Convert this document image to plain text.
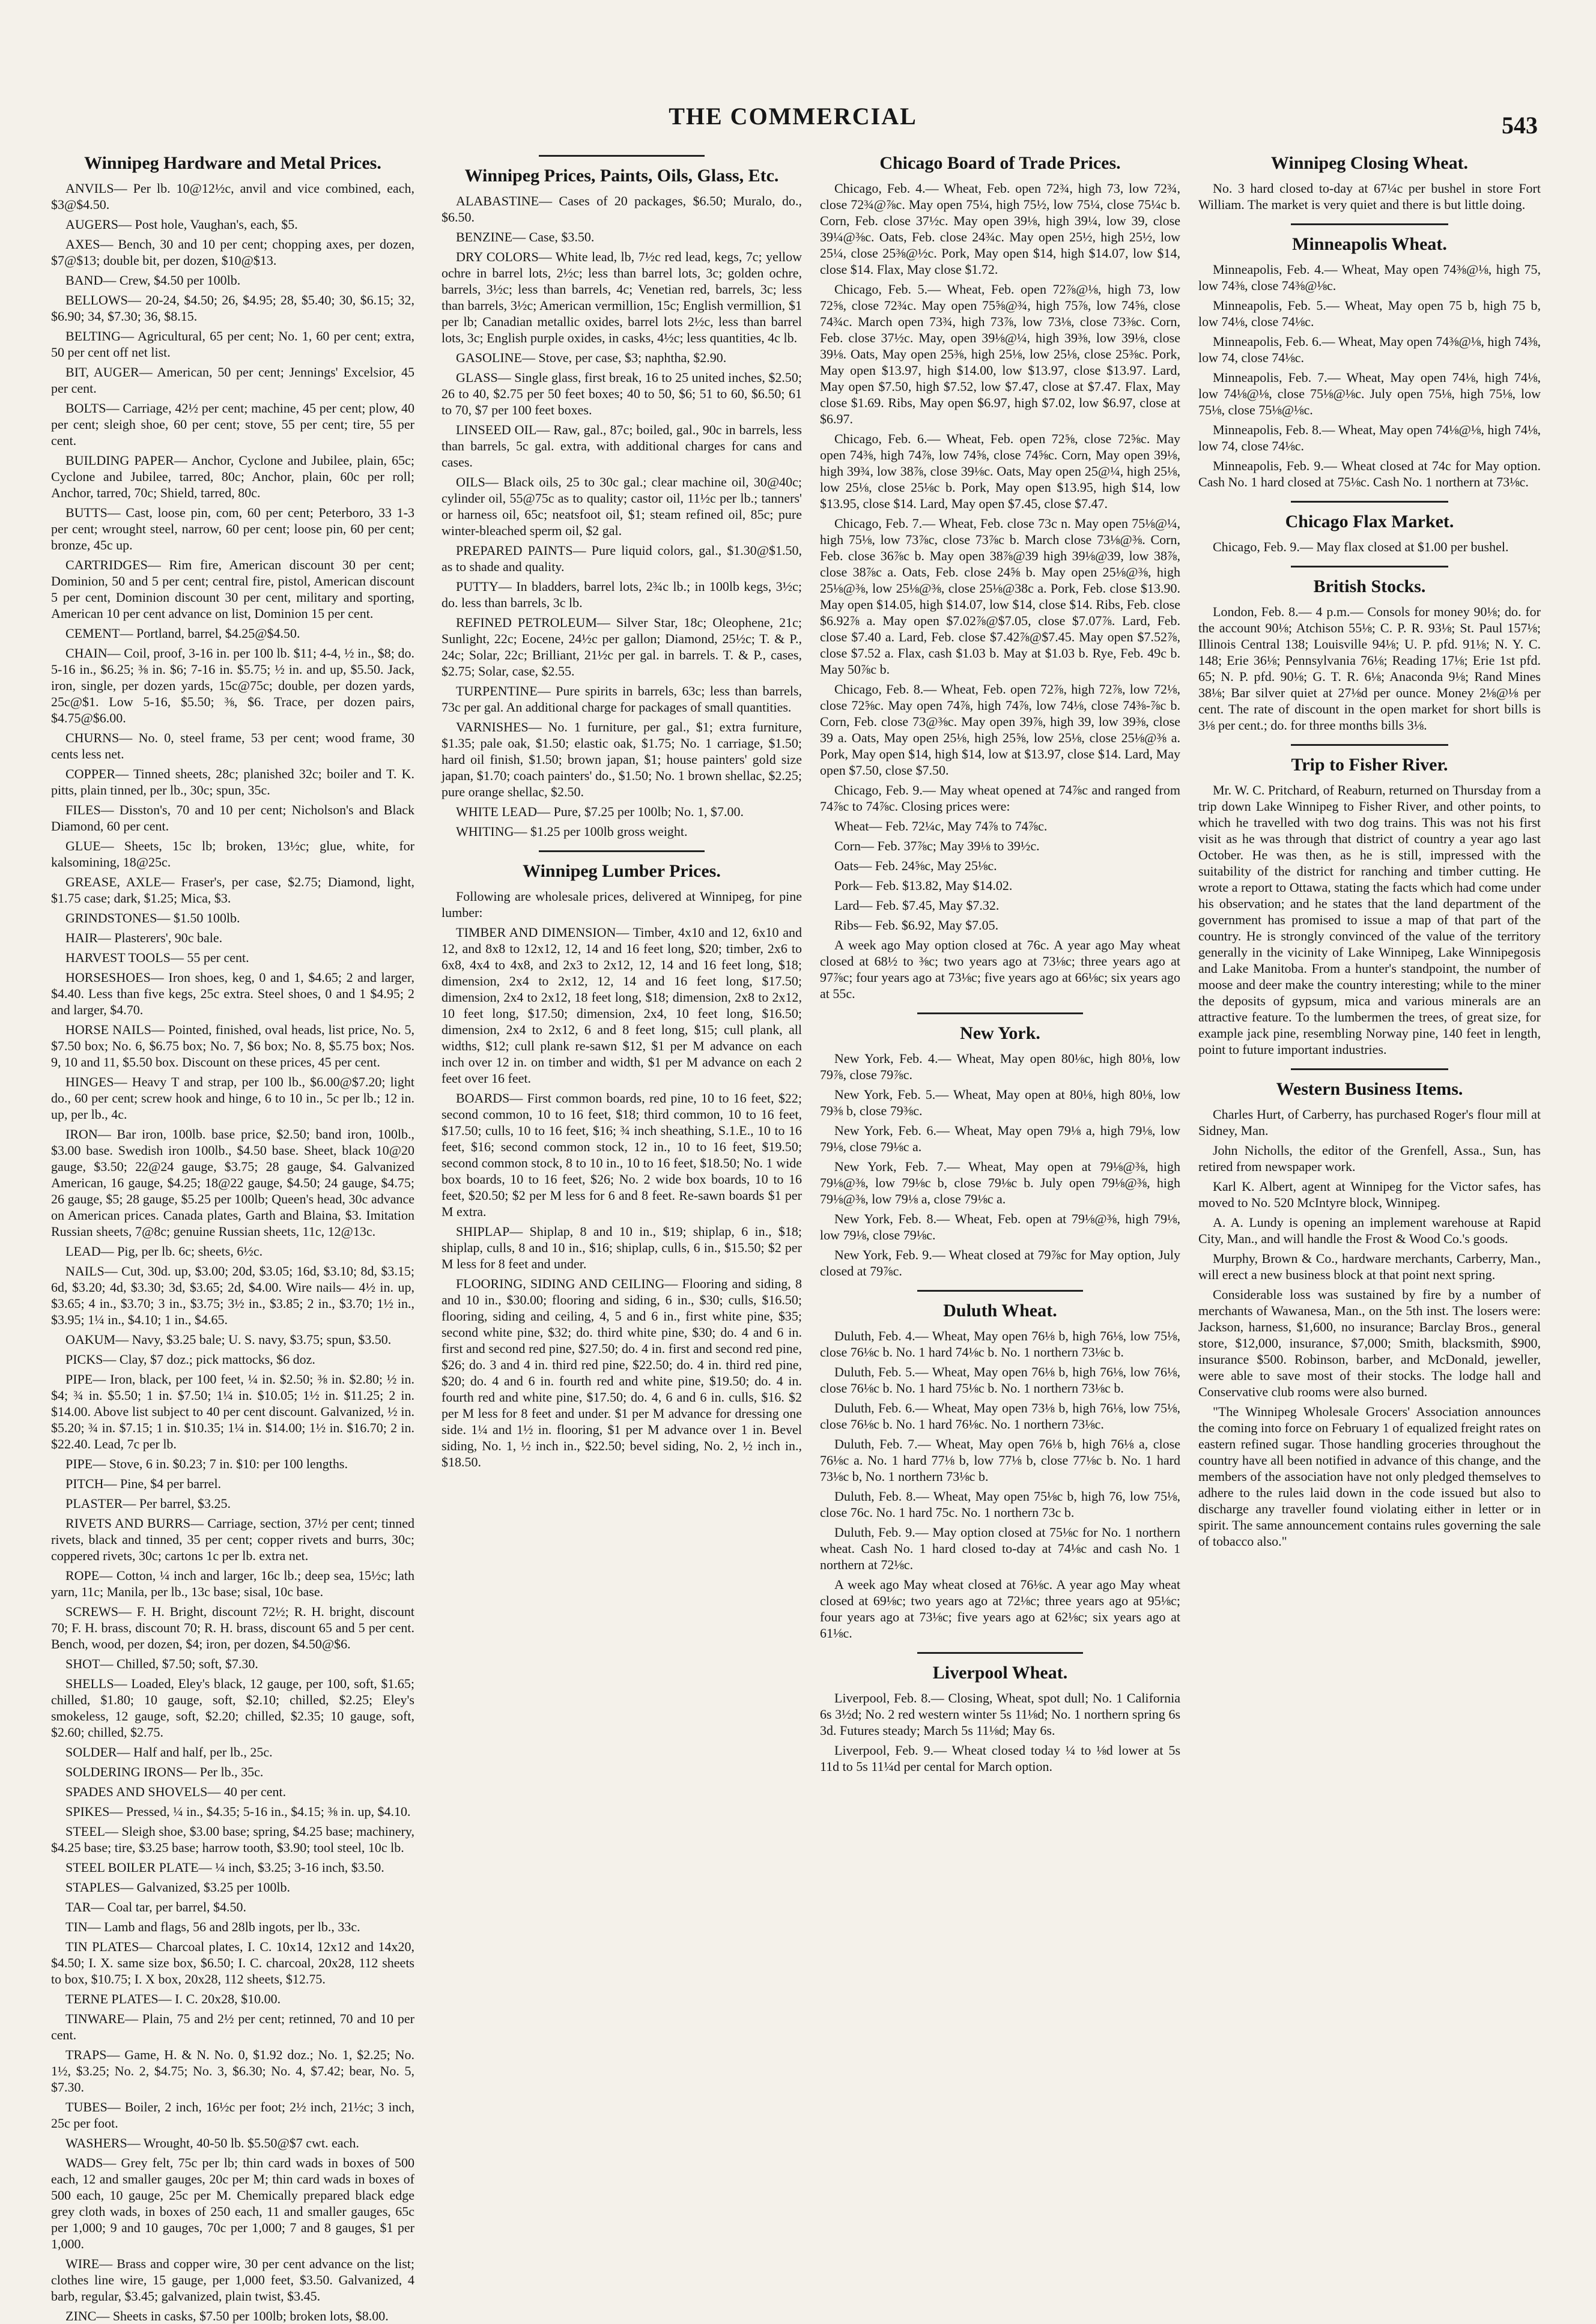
THE COMMERCIAL	543
Winnipeg Hardware and Metal Prices.

ANVILS— Per lb. 10@12½c, anvil and vice combined, each, $3@$4.50.

AUGERS— Post hole, Vaughan's, each, $5.

AXES— Bench, 30 and 10 per cent; chopping axes, per dozen, $7@$13; double bit, per dozen, $10@$13.

BAND— Crew, $4.50 per 100lb.

BELLOWS— 20-24, $4.50; 26, $4.95; 28, $5.40; 30, $6.15; 32, $6.90; 34, $7.30; 36, $8.15.

BELTING— Agricultural, 65 per cent; No. 1, 60 per cent; extra, 50 per cent off net list.

BIT, AUGER— American, 50 per cent; Jennings' Excelsior, 45 per cent.

BOLTS— Carriage, 42½ per cent; machine, 45 per cent; plow, 40 per cent; sleigh shoe, 60 per cent; stove, 55 per cent; tire, 55 per cent.

BUILDING PAPER— Anchor, Cyclone and Jubilee, plain, 65c; Cyclone and Jubilee, tarred, 80c; Anchor, plain, 60c per roll; Anchor, tarred, 70c; Shield, tarred, 80c.

BUTTS— Cast, loose pin, com, 60 per cent; Peterboro, 33 1-3 per cent; wrought steel, narrow, 60 per cent; loose pin, 60 per cent; bronze, 45c up.

CARTRIDGES— Rim fire, American discount 30 per cent; Dominion, 50 and 5 per cent; central fire, pistol, American discount 5 per cent, Dominion discount 30 per cent, military and sporting, American 10 per cent advance on list, Dominion 15 per cent.

CEMENT— Portland, barrel, $4.25@$4.50.

CHAIN— Coil, proof, 3-16 in. per 100 lb. $11; 4-4, ½ in., $8; do. 5-16 in., $6.25; ⅜ in. $6; 7-16 in. $5.75; ½ in. and up, $5.50. Jack, iron, single, per dozen yards, 15c@75c; double, per dozen yards, 25c@$1. Low 5-16, $5.50; ⅜, $6. Trace, per dozen pairs, $4.75@$6.00.

CHURNS— No. 0, steel frame, 53 per cent; wood frame, 30 cents less net.

COPPER— Tinned sheets, 28c; planished 32c; boiler and T. K. pitts, plain tinned, per lb., 30c; spun, 35c.

FILES— Disston's, 70 and 10 per cent; Nicholson's and Black Diamond, 60 per cent.

GLUE— Sheets, 15c lb; broken, 13½c; glue, white, for kalsomining, 18@25c.

GREASE, AXLE— Fraser's, per case, $2.75; Diamond, light, $1.75 case; dark, $1.25; Mica, $3.

GRINDSTONES— $1.50 100lb.

HAIR— Plasterers', 90c bale.

HARVEST TOOLS— 55 per cent.

HORSESHOES— Iron shoes, keg, 0 and 1, $4.65; 2 and larger, $4.40. Less than five kegs, 25c extra. Steel shoes, 0 and 1 $4.95; 2 and larger, $4.70.

HORSE NAILS— Pointed, finished, oval heads, list price, No. 5, $7.50 box; No. 6, $6.75 box; No. 7, $6 box; No. 8, $5.75 box; Nos. 9, 10 and 11, $5.50 box. Discount on these prices, 45 per cent.

HINGES— Heavy T and strap, per 100 lb., $6.00@$7.20; light do., 60 per cent; screw hook and hinge, 6 to 10 in., 5c per lb.; 12 in. up, per lb., 4c.

IRON— Bar iron, 100lb. base price, $2.50; band iron, 100lb., $3.00 base. Swedish iron 100lb., $4.50 base. Sheet, black 10@20 gauge, $3.50; 22@24 gauge, $3.75; 28 gauge, $4. Galvanized American, 16 gauge, $4.25; 18@22 gauge, $4.50; 24 gauge, $4.75; 26 gauge, $5; 28 gauge, $5.25 per 100lb; Queen's head, 30c advance on American prices. Canada plates, Garth and Blaina, $3. Imitation Russian sheets, 7@8c; genuine Russian sheets, 11c, 12@13c.

LEAD— Pig, per lb. 6c; sheets, 6½c.

NAILS— Cut, 30d. up, $3.00; 20d, $3.05; 16d, $3.10; 8d, $3.15; 6d, $3.20; 4d, $3.30; 3d, $3.65; 2d, $4.00. Wire nails— 4½ in. up, $3.65; 4 in., $3.70; 3 in., $3.75; 3½ in., $3.85; 2 in., $3.70; 1½ in., $3.95; 1¼ in., $4.10; 1 in., $4.65.

OAKUM— Navy, $3.25 bale; U. S. navy, $3.75; spun, $3.50.

PICKS— Clay, $7 doz.; pick mattocks, $6 doz.

PIPE— Iron, black, per 100 feet, ¼ in. $2.50; ⅜ in. $2.80; ½ in. $4; ¾ in. $5.50; 1 in. $7.50; 1¼ in. $10.05; 1½ in. $11.25; 2 in. $14.00. Above list subject to 40 per cent discount. Galvanized, ½ in. $5.20; ¾ in. $7.15; 1 in. $10.35; 1¼ in. $14.00; 1½ in. $16.70; 2 in. $22.40. Lead, 7c per lb.

PIPE— Stove, 6 in. $0.23; 7 in. $10: per 100 lengths.

PITCH— Pine, $4 per barrel.

PLASTER— Per barrel, $3.25.

RIVETS AND BURRS— Carriage, section, 37½ per cent; tinned rivets, black and tinned, 35 per cent; copper rivets and burrs, 30c; coppered rivets, 30c; cartons 1c per lb. extra net.

ROPE— Cotton, ¼ inch and larger, 16c lb.; deep sea, 15½c; lath yarn, 11c; Manila, per lb., 13c base; sisal, 10c base.

SCREWS— F. H. Bright, discount 72½; R. H. bright, discount 70; F. H. brass, discount 70; R. H. brass, discount 65 and 5 per cent. Bench, wood, per dozen, $4; iron, per dozen, $4.50@$6.

SHOT— Chilled, $7.50; soft, $7.30.

SHELLS— Loaded, Eley's black, 12 gauge, per 100, soft, $1.65; chilled, $1.80; 10 gauge, soft, $2.10; chilled, $2.25; Eley's smokeless, 12 gauge, soft, $2.20; chilled, $2.35; 10 gauge, soft, $2.60; chilled, $2.75.

SOLDER— Half and half, per lb., 25c.

SOLDERING IRONS— Per lb., 35c.

SPADES AND SHOVELS— 40 per cent.

SPIKES— Pressed, ¼ in., $4.35; 5-16 in., $4.15; ⅜ in. up, $4.10.

STEEL— Sleigh shoe, $3.00 base; spring, $4.25 base; machinery, $4.25 base; tire, $3.25 base; harrow tooth, $3.90; tool steel, 10c lb.

STEEL BOILER PLATE— ¼ inch, $3.25; 3-16 inch, $3.50.

STAPLES— Galvanized, $3.25 per 100lb.

TAR— Coal tar, per barrel, $4.50.

TIN— Lamb and flags, 56 and 28lb ingots, per lb., 33c.

TIN PLATES— Charcoal plates, I. C. 10x14, 12x12 and 14x20, $4.50; I. X. same size box, $6.50; I. C. charcoal, 20x28, 112 sheets to box, $10.75; I. X box, 20x28, 112 sheets, $12.75.

TERNE PLATES— I. C. 20x28, $10.00.

TINWARE— Plain, 75 and 2½ per cent; retinned, 70 and 10 per cent.

TRAPS— Game, H. & N. No. 0, $1.92 doz.; No. 1, $2.25; No. 1½, $3.25; No. 2, $4.75; No. 3, $6.30; No. 4, $7.42; bear, No. 5, $7.30.

TUBES— Boiler, 2 inch, 16½c per foot; 2½ inch, 21½c; 3 inch, 25c per foot.

WASHERS— Wrought, 40-50 lb. $5.50@$7 cwt. each.

WADS— Grey felt, 75c per lb; thin card wads in boxes of 500 each, 12 and smaller gauges, 20c per M; thin card wads in boxes of 500 each, 10 gauge, 25c per M. Chemically prepared black edge grey cloth wads, in boxes of 250 each, 11 and smaller gauges, 65c per 1,000; 9 and 10 gauges, 70c per 1,000; 7 and 8 gauges, $1 per 1,000.

WIRE— Brass and copper wire, 30 per cent advance on the list; clothes line wire, 15 gauge, per 1,000 feet, $3.50. Galvanized, 4 barb, regular, $3.45; galvanized, plain twist, $3.45.

ZINC— Sheets in casks, $7.50 per 100lb; broken lots, $8.00.

Winnipeg Prices, Paints, Oils, Glass, Etc.

ALABASTINE— Cases of 20 packages, $6.50; Muralo, do., $6.50.

BENZINE— Case, $3.50.

DRY COLORS— White lead, lb, 7½c red lead, kegs, 7c; yellow ochre in barrel lots, 2½c; less than barrel lots, 3c; golden ochre, barrels, 3½c; less than barrels, 4c; Venetian red, barrels, 3c; less than barrels, 3½c; American vermillion, 15c; English vermillion, $1 per lb; Canadian metallic oxides, barrel lots 2½c, less than barrel lots, 3c; English purple oxides, in casks, 4½c; less quantities, 4c lb.

GASOLINE— Stove, per case, $3; naphtha, $2.90.

GLASS— Single glass, first break, 16 to 25 united inches, $2.50; 26 to 40, $2.75 per 50 feet boxes; 40 to 50, $6; 51 to 60, $6.50; 61 to 70, $7 per 100 feet boxes.

LINSEED OIL— Raw, gal., 87c; boiled, gal., 90c in barrels, less than barrels, 5c gal. extra, with additional charges for cans and cases.

OILS— Black oils, 25 to 30c gal.; clear machine oil, 30@40c; cylinder oil, 55@75c as to quality; castor oil, 11½c per lb.; tanners' or harness oil, 65c; neatsfoot oil, $1; steam refined oil, 85c; pure winter-bleached sperm oil, $2 gal.

PREPARED PAINTS— Pure liquid colors, gal., $1.30@$1.50, as to shade and quality.

PUTTY— In bladders, barrel lots, 2¾c lb.; in 100lb kegs, 3½c; do. less than barrels, 3c lb.

REFINED PETROLEUM— Silver Star, 18c; Oleophene, 21c; Sunlight, 22c; Eocene, 24½c per gallon; Diamond, 25½c; T. & P., 24c; Solar, 22c; Brilliant, 21½c per gal. in barrels. T. & P., cases, $2.75; Solar, case, $2.55.

TURPENTINE— Pure spirits in barrels, 63c; less than barrels, 73c per gal. An additional charge for packages of small quantities.

VARNISHES— No. 1 furniture, per gal., $1; extra furniture, $1.35; pale oak, $1.50; elastic oak, $1.75; No. 1 carriage, $1.50; hard oil finish, $1.50; brown japan, $1; house painters' gold size japan, $1.70; coach painters' do., $1.50; No. 1 brown shellac, $2.25; pure orange shellac, $2.50.

WHITE LEAD— Pure, $7.25 per 100lb; No. 1, $7.00.

WHITING— $1.25 per 100lb gross weight.

Winnipeg Lumber Prices.

Following are wholesale prices, delivered at Winnipeg, for pine lumber:

TIMBER AND DIMENSION— Timber, 4x10 and 12, 6x10 and 12, and 8x8 to 12x12, 12, 14 and 16 feet long, $20; timber, 2x6 to 6x8, 4x4 to 4x8, and 2x3 to 2x12, 12, 14 and 16 feet long, $18; dimension, 2x4 to 2x12, 12, 14 and 16 feet long, $17.50; dimension, 2x4 to 2x12, 18 feet long, $18; dimension, 2x8 to 2x12, 10 feet long, $17.50; dimension, 2x4, 10 feet long, $16.50; dimension, 2x4 to 2x12, 6 and 8 feet long, $15; cull plank, all widths, $12; cull plank re-sawn $12, $1 per M advance on each inch over 12 in. on timber and width, $1 per M advance on each 2 feet over 16 feet.

BOARDS— First common boards, red pine, 10 to 16 feet, $22; second common, 10 to 16 feet, $18; third common, 10 to 16 feet, $17.50; culls, 10 to 16 feet, $16; ¾ inch sheathing, S.1.E., 10 to 16 feet, $16; second common stock, 12 in., 10 to 16 feet, $19.50; second common stock, 8 to 10 in., 10 to 16 feet, $18.50; No. 1 wide box boards, 10 to 16 feet, $26; No. 2 wide box boards, 10 to 16 feet, $20.50; $2 per M less for 6 and 8 feet. Re-sawn boards $1 per M extra.

SHIPLAP— Shiplap, 8 and 10 in., $19; shiplap, 6 in., $18; shiplap, culls, 8 and 10 in., $16; shiplap, culls, 6 in., $15.50; $2 per M less for 8 feet and under.

FLOORING, SIDING AND CEILING— Flooring and siding, 8 and 10 in., $30.00; flooring and siding, 6 in., $30; culls, $16.50; flooring, siding and ceiling, 4, 5 and 6 in., first white pine, $35; second white pine, $32; do. third white pine, $30; do. 4 and 6 in. first and second red pine, $27.50; do. 4 in. first and second red pine, $26; do. 3 and 4 in. third red pine, $22.50; do. 4 in. third red pine, $20; do. 4 and 6 in. fourth red and white pine, $19.50; do. 4 in. fourth red and white pine, $17.50; do. 4, 6 and 6 in. culls, $16. $2 per M less for 8 feet and under. $1 per M advance for dressing one side. 1¼ and 1½ in. flooring, $1 per M advance over 1 in. Bevel siding, No. 1, ½ inch in., $22.50; bevel siding, No. 2, ½ inch in., $18.50.

Chicago Board of Trade Prices.

Chicago, Feb. 4.— Wheat, Feb. open 72¾, high 73, low 72¾, close 72¾@⅞c. May open 75¼, high 75½, low 75¼, close 75¼c b. Corn, Feb. close 37½c. May open 39⅛, high 39¼, low 39, close 39¼@⅜c. Oats, Feb. close 24¾c. May open 25½, high 25½, low 25¼, close 25⅜@½c. Pork, May open $14, high $14.07, low $14, close $14. Flax, May close $1.72.

Chicago, Feb. 5.— Wheat, Feb. open 72⅞@⅛, high 73, low 72⅝, close 72¾c. May open 75⅝@¾, high 75⅞, low 74⅝, close 74¾c. March open 73¾, high 73⅞, low 73⅛, close 73⅜c. Corn, Feb. close 37½c. May, open 39⅛@¼, high 39⅜, low 39⅛, close 39⅛. Oats, May open 25⅜, high 25⅛, low 25⅛, close 25⅜c. Pork, May open $13.97, high $14.00, low $13.97, close $13.97. Lard, May open $7.50, high $7.52, low $7.47, close at $7.47. Flax, May close $1.69. Ribs, May open $6.97, high $7.02, low $6.97, close at $6.97.

Chicago, Feb. 6.— Wheat, Feb. open 72⅝, close 72⅝c. May open 74⅜, high 74⅞, low 74⅝, close 74⅝c. Corn, May open 39⅛, high 39¾, low 38⅞, close 39⅛c. Oats, May open 25@¼, high 25⅛, low 25⅛, close 25⅛c b. Pork, May open $13.95, high $14, low $13.95, close $14. Lard, May open $7.45, close $7.47.

Chicago, Feb. 7.— Wheat, Feb. close 73c n. May open 75⅛@¼, high 75⅛, low 73⅞c, close 73⅞c b. March close 73⅛@⅜. Corn, Feb. close 36⅞c b. May open 38⅞@39 high 39⅛@39, low 38⅞, close 38⅞c a. Oats, Feb. close 24⅝ b. May open 25⅛@⅜, high 25⅛@⅜, low 25⅛@⅜, close 25⅛@38c a. Pork, Feb. close $13.90. May open $14.05, high $14.07, low $14, close $14. Ribs, Feb. close $6.92⅞ a. May open $7.02⅞@$7.05, close $7.07⅞. Lard, Feb. close $7.40 a. Lard, Feb. close $7.42⅞@$7.45. May open $7.52⅞, close $7.52 a. Flax, cash $1.03 b. May at $1.03 b. Rye, Feb. 49c b. May 50⅞c b.

Chicago, Feb. 8.— Wheat, Feb. open 72⅞, high 72⅞, low 72⅛, close 72⅝c. May open 74⅞, high 74⅞, low 74⅛, close 74⅜-⅞c b. Corn, Feb. close 73@⅜c. May open 39⅞, high 39, low 39⅜, close 39 a. Oats, May open 25⅛, high 25⅝, low 25⅛, close 25⅛@⅜ a. Pork, May open $14, high $14, low at $13.97, close $14. Lard, May open $7.50, close $7.50.

Chicago, Feb. 9.— May wheat opened at 74⅞c and ranged from 74⅞c to 74⅞c. Closing prices were:

Wheat— Feb. 72¼c, May 74⅞ to 74⅞c.

Corn— Feb. 37⅞c; May 39⅛ to 39½c.

Oats— Feb. 24⅝c, May 25⅛c.

Pork— Feb. $13.82, May $14.02.

Lard— Feb. $7.45, May $7.32.

Ribs— Feb. $6.92, May $7.05.

A week ago May option closed at 76c. A year ago May wheat closed at 68½ to ⅜c; two years ago at 73⅛c; three years ago at 97⅞c; four years ago at 73⅛c; five years ago at 66⅛c; six years ago at 55c.

New York.

New York, Feb. 4.— Wheat, May open 80⅛c, high 80⅛, low 79⅞, close 79⅞c.

New York, Feb. 5.— Wheat, May open at 80⅛, high 80⅛, low 79⅜ b, close 79⅜c.

New York, Feb. 6.— Wheat, May open 79⅛ a, high 79⅛, low 79⅛, close 79⅛c a.

New York, Feb. 7.— Wheat, May open at 79⅛@⅜, high 79⅛@⅜, low 79⅛c b, close 79⅛c b. July open 79⅛@⅜, high 79⅛@⅜, low 79⅛ a, close 79⅛c a.

New York, Feb. 8.— Wheat, Feb. open at 79⅛@⅜, high 79⅛, low 79⅛, close 79⅛c.

New York, Feb. 9.— Wheat closed at 79⅞c for May option, July closed at 79⅞c.

Duluth Wheat.

Duluth, Feb. 4.— Wheat, May open 76⅛ b, high 76⅛, low 75⅛, close 76⅛c b. No. 1 hard 74⅛c b. No. 1 northern 73⅛c b.

Duluth, Feb. 5.— Wheat, May open 76⅛ b, high 76⅛, low 76⅛, close 76⅛c b. No. 1 hard 75⅛c b. No. 1 northern 73⅛c b.

Duluth, Feb. 6.— Wheat, May open 73⅛ b, high 76⅛, low 75⅛, close 76⅛c b. No. 1 hard 76⅛c. No. 1 northern 73⅛c.

Duluth, Feb. 7.— Wheat, May open 76⅛ b, high 76⅛ a, close 76⅛c a. No. 1 hard 77⅛ b, low 77⅛ b, close 77⅛c b. No. 1 hard 73⅛c b, No. 1 northern 73⅛c b.

Duluth, Feb. 8.— Wheat, May open 75⅛c b, high 76, low 75⅛, close 76c. No. 1 hard 75c. No. 1 northern 73c b.

Duluth, Feb. 9.— May option closed at 75⅛c for No. 1 northern wheat. Cash No. 1 hard closed to-day at 74⅛c and cash No. 1 northern at 72⅛c.

A week ago May wheat closed at 76⅛c. A year ago May wheat closed at 69⅛c; two years ago at 72⅛c; three years ago at 95⅛c; four years ago at 73⅛c; five years ago at 62⅛c; six years ago at 61⅛c.

Liverpool Wheat.

Liverpool, Feb. 8.— Closing, Wheat, spot dull; No. 1 California 6s 3½d; No. 2 red western winter 5s 11⅛d; No. 1 northern spring 6s 3d. Futures steady; March 5s 11⅛d; May 6s.

Liverpool, Feb. 9.— Wheat closed today ¼ to ⅛d lower at 5s 11d to 5s 11¼d per cental for March option.

Winnipeg Closing Wheat.

No. 3 hard closed to-day at 67¼c per bushel in store Fort William. The market is very quiet and there is but little doing.

Minneapolis Wheat.

Minneapolis, Feb. 4.— Wheat, May open 74⅜@⅛, high 75, low 74⅜, close 74⅜@⅛c.

Minneapolis, Feb. 5.— Wheat, May open 75 b, high 75 b, low 74⅛, close 74⅛c.

Minneapolis, Feb. 6.— Wheat, May open 74⅜@⅛, high 74⅜, low 74, close 74⅛c.

Minneapolis, Feb. 7.— Wheat, May open 74⅛, high 74⅛, low 74⅛@⅛, close 75⅛@⅛c. July open 75⅛, high 75⅛, low 75⅛, close 75⅛@⅛c.

Minneapolis, Feb. 8.— Wheat, May open 74⅛@⅛, high 74⅛, low 74, close 74⅛c.

Minneapolis, Feb. 9.— Wheat closed at 74c for May option. Cash No. 1 hard closed at 75⅛c. Cash No. 1 northern at 73⅛c.

Chicago Flax Market.

Chicago, Feb. 9.— May flax closed at $1.00 per bushel.

British Stocks.

London, Feb. 8.— 4 p.m.— Consols for money 90⅛; do. for the account 90⅛; Atchison 55⅛; C. P. R. 93⅛; St. Paul 157⅛; Illinois Central 138; Louisville 94⅛; U. P. pfd. 91⅛; N. Y. C. 148; Erie 36⅛; Pennsylvania 76⅛; Reading 17⅛; Erie 1st pfd. 65; N. P. pfd. 90⅛; G. T. R. 6⅛; Anaconda 9⅛; Rand Mines 38⅛; Bar silver quiet at 27⅛d per ounce. Money 2⅛@⅛ per cent. The rate of discount in the open market for short bills is 3⅛ per cent.; do. for three months bills 3⅛.

Trip to Fisher River.

Mr. W. C. Pritchard, of Reaburn, returned on Thursday from a trip down Lake Winnipeg to Fisher River, and other points, to which he travelled with two dog trains. This was not his first visit as he was through that district of country a year ago last October. He was then, as he is still, impressed with the suitability of the district for ranching and timber cutting. He wrote a report to Ottawa, stating the facts which had come under his observation; and he states that the land department of the government has promised to issue a map of that part of the country. He is strongly convinced of the value of the territory generally in the vicinity of Lake Winnipeg, Lake Winnipegosis and Lake Manitoba. From a hunter's standpoint, the number of moose and deer make the country interesting; while to the miner the deposits of gypsum, mica and various minerals are an attractive feature. To the lumbermen the trees, of great size, for example jack pine, resembling Norway pine, 140 feet in length, point to future important industries.

Western Business Items.

Charles Hurt, of Carberry, has purchased Roger's flour mill at Sidney, Man.

John Nicholls, the editor of the Grenfell, Assa., Sun, has retired from newspaper work.

Karl K. Albert, agent at Winnipeg for the Victor safes, has moved to No. 520 McIntyre block, Winnipeg.

A. A. Lundy is opening an implement warehouse at Rapid City, Man., and will handle the Frost & Wood Co.'s goods.

Murphy, Brown & Co., hardware merchants, Carberry, Man., will erect a new business block at that point next spring.

Considerable loss was sustained by fire by a number of merchants of Wawanesa, Man., on the 5th inst. The losers were: Jackson, harness, $1,600, no insurance; Barclay Bros., general store, $12,000, insurance, $7,000; Smith, blacksmith, $900, insurance $500. Robinson, barber, and McDonald, jeweller, were able to save most of their stocks. The lodge hall and Conservative club rooms were also burned.

"The Winnipeg Wholesale Grocers' Association announces the coming into force on February 1 of equalized freight rates on eastern refined sugar. Those handling groceries throughout the country have all been notified in advance of this change, and the members of the association have not only pledged themselves to adhere to the rules laid down in the code issued but also to discharge any traveller found violating either in letter or in spirit. The same announcement contains rules governing the sale of tobacco also."
